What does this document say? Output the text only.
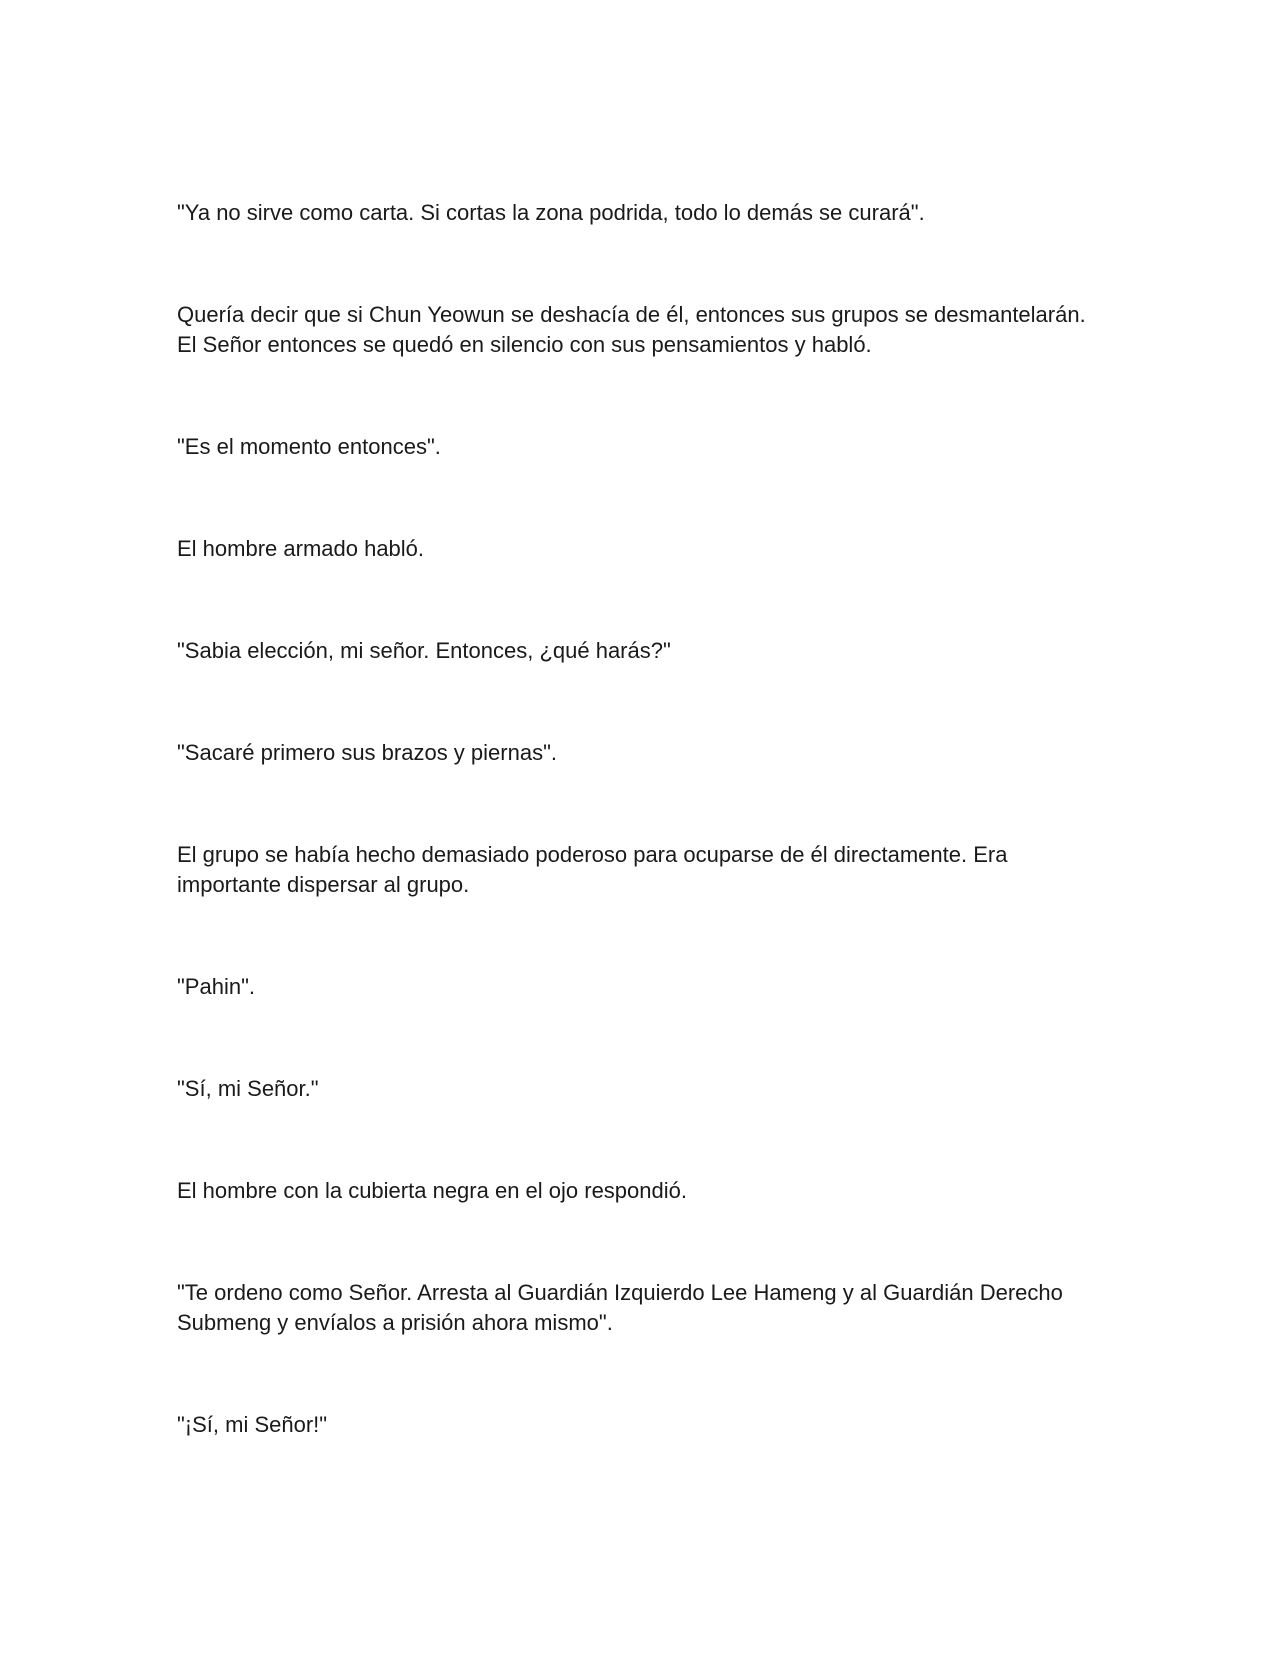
"Ya no sirve como carta. Si cortas la zona podrida, todo lo demás se curará".

Quería decir que si Chun Yeowun se deshacía de él, entonces sus grupos se desmantelarán. El Señor entonces se quedó en silencio con sus pensamientos y habló.

"Es el momento entonces".

El hombre armado habló.

"Sabia elección, mi señor. Entonces, ¿qué harás?"

"Sacaré primero sus brazos y piernas".

El grupo se había hecho demasiado poderoso para ocuparse de él directamente. Era importante dispersar al grupo.

"Pahin".

"Sí, mi Señor."

El hombre con la cubierta negra en el ojo respondió.

"Te ordeno como Señor. Arresta al Guardián Izquierdo Lee Hameng y al Guardián Derecho Submeng y envíalos a prisión ahora mismo".

"¡Sí, mi Señor!"
